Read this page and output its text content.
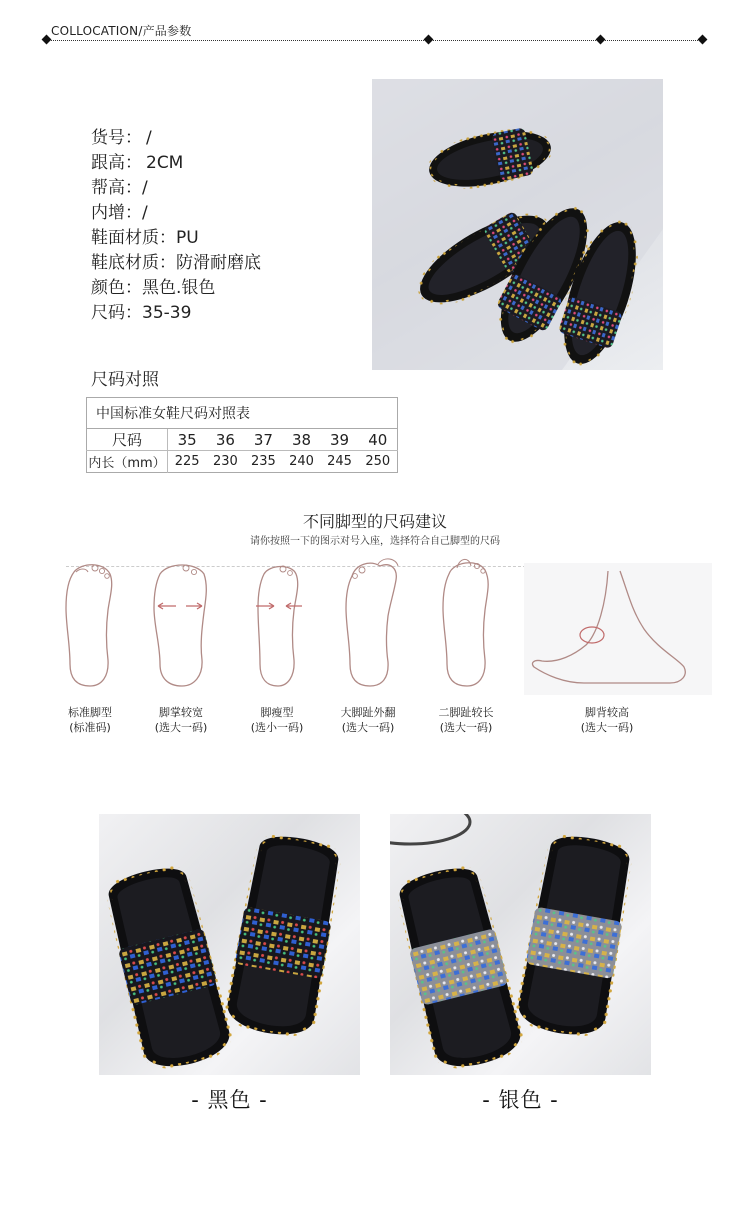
COLLOCATION/产品参数
货号： /
跟高： 2CM
帮高：/
内增：/
鞋面材质：PU
鞋底材质：防滑耐磨底
颜色：黑色.银色
尺码：35-39
尺码对照
中国标准女鞋尺码对照表						
尺码	35	36	37	38	39	40
内长（mm）	225	230	235	240	245	250
不同脚型的尺码建议
请你按照一下的图示对号入座，选择符合自己脚型的尺码
标准脚型
(标准码)
脚掌较宽
(选大一码)
脚瘦型
(选小一码)
大脚趾外翻
(选大一码)
二脚趾较长
(选大一码)
脚背较高
(选大一码)
- 黑色 -	- 银色 -
